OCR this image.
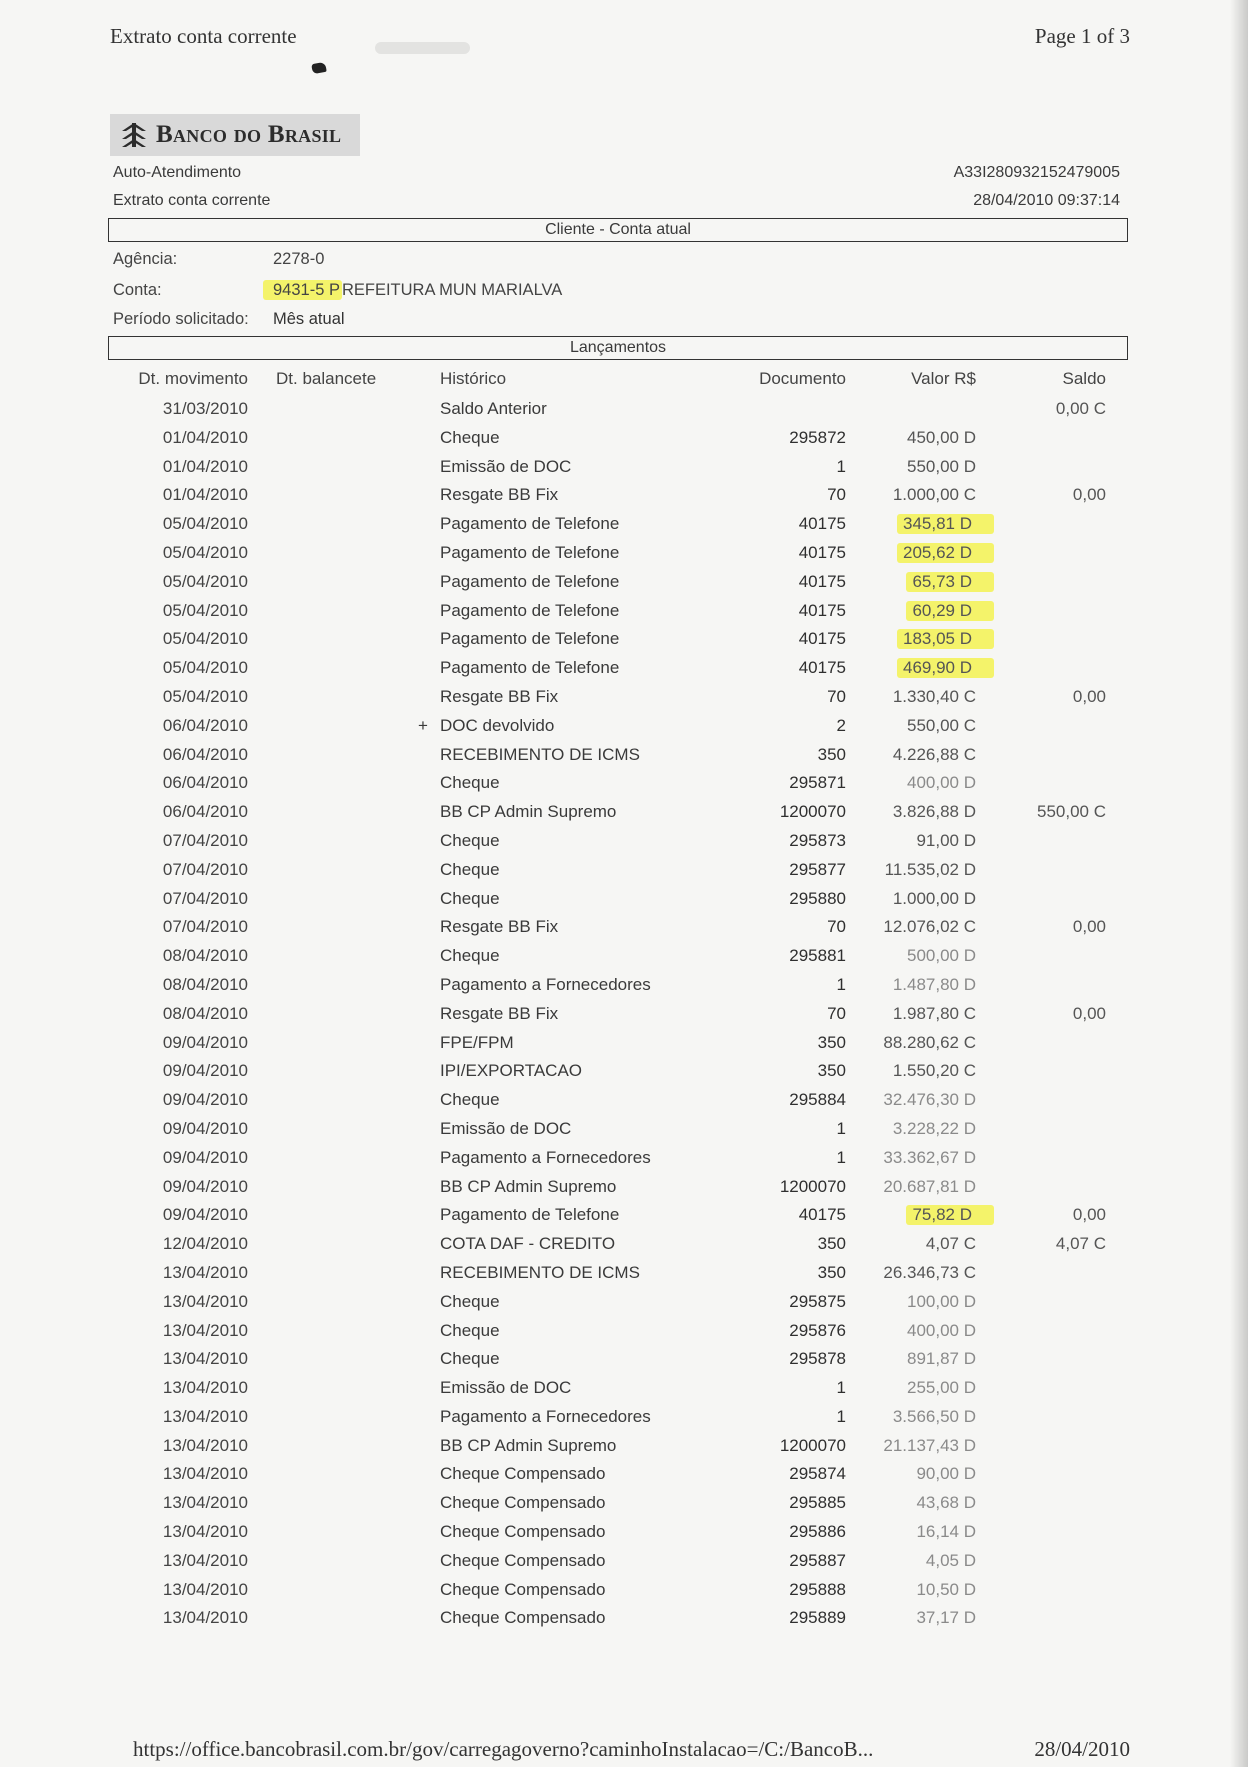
Extrato conta corrente	Page 1 of 3
Banco do Brasil
Auto-Atendimento	A33I280932152479005
Extrato conta corrente	28/04/2010 09:37:14
Cliente - Conta atual
Agência:	2278-0
Conta:	9431-5 P REFEITURA MUN MARIALVA
Período solicitado: Mês atual
Lançamentos
Dt. movimento Dt. balancete	Histórico	Documento	Valor R$	Saldo
31/03/2010	Saldo Anterior	0,00 C
01/04/2010	Cheque	295872	450,00 D
01/04/2010	Emissão de DOC	1	550,00 D
01/04/2010	Resgate BB Fix	70	1.000,00 C	0,00
05/04/2010	Pagamento de Telefone	40175	345,81 D
05/04/2010	Pagamento de Telefone	40175	205,62 D
05/04/2010	Pagamento de Telefone	40175	65,73 D
05/04/2010	Pagamento de Telefone	40175	60,29 D
05/04/2010	Pagamento de Telefone	40175	183,05 D
05/04/2010	Pagamento de Telefone	40175	469,90 D
05/04/2010	Resgate BB Fix	70	1.330,40 C	0,00
06/04/2010	+ DOC devolvido	2	550,00 C
06/04/2010	RECEBIMENTO DE ICMS	350	4.226,88 C
06/04/2010	Cheque	295871	400,00 D
06/04/2010	BB CP Admin Supremo	1200070	3.826,88 D	550,00 C
07/04/2010	Cheque	295873	91,00 D
07/04/2010	Cheque	295877 11.535,02 D
07/04/2010	Cheque	295880	1.000,00 D
07/04/2010	Resgate BB Fix	70 12.076,02 C	0,00
08/04/2010	Cheque	295881	500,00 D
08/04/2010	Pagamento a Fornecedores	1	1.487,80 D
08/04/2010	Resgate BB Fix	70	1.987,80 C	0,00
09/04/2010	FPE/FPM	350 88.280,62 C
09/04/2010	IPI/EXPORTACAO	350	1.550,20 C
09/04/2010	Cheque	295884 32.476,30 D
09/04/2010	Emissão de DOC	1	3.228,22 D
09/04/2010	Pagamento a Fornecedores	1 33.362,67 D
09/04/2010	BB CP Admin Supremo	1200070 20.687,81 D
09/04/2010	Pagamento de Telefone	40175	75,82 D	0,00
12/04/2010	COTA DAF - CREDITO	350	4,07 C	4,07 C
13/04/2010	RECEBIMENTO DE ICMS	350 26.346,73 C
13/04/2010	Cheque	295875	100,00 D
13/04/2010	Cheque	295876	400,00 D
13/04/2010	Cheque	295878	891,87 D
13/04/2010	Emissão de DOC	1	255,00 D
13/04/2010	Pagamento a Fornecedores	1	3.566,50 D
13/04/2010	BB CP Admin Supremo	1200070 21.137,43 D
13/04/2010	Cheque Compensado	295874	90,00 D
13/04/2010	Cheque Compensado	295885	43,68 D
13/04/2010	Cheque Compensado	295886	16,14 D
13/04/2010	Cheque Compensado	295887	4,05 D
13/04/2010	Cheque Compensado	295888	10,50 D
13/04/2010	Cheque Compensado	295889	37,17 D
https://office.bancobrasil.com.br/gov/carregagoverno?caminhoInstalacao=/C:/BancoB...	28/04/2010
